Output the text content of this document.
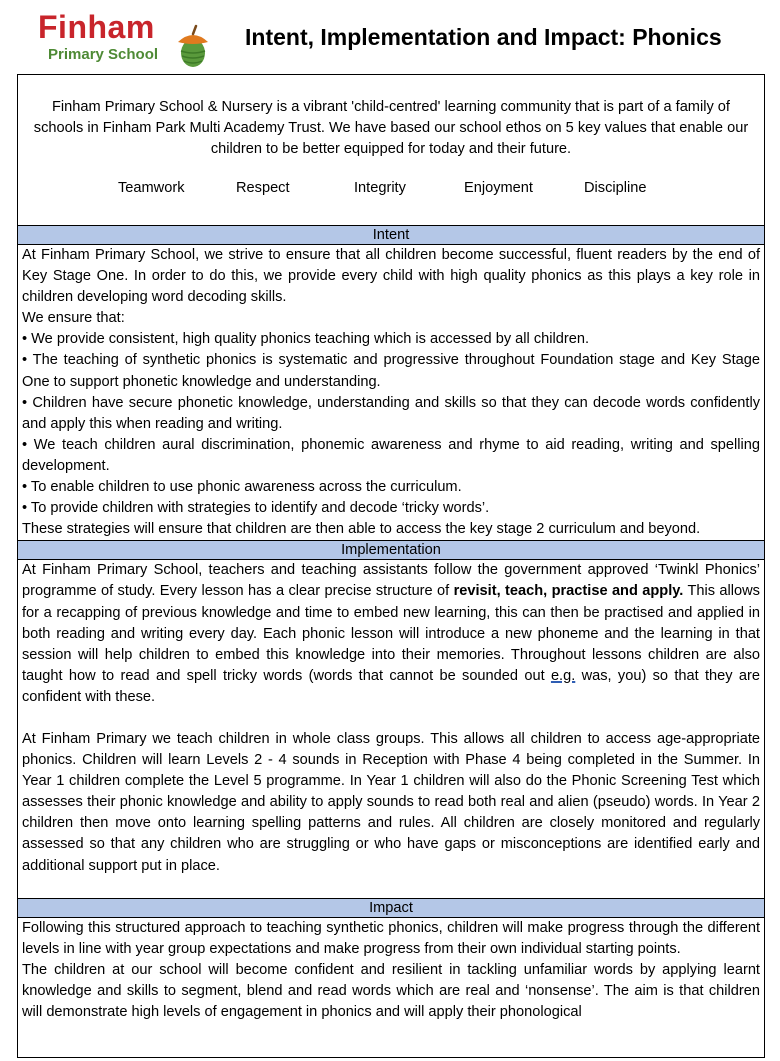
Finham
Primary School
Intent, Implementation and Impact: Phonics
Finham Primary School & Nursery is a vibrant 'child-centred' learning community that is part of a family of schools in Finham Park Multi Academy Trust. We have based our school ethos on 5 key values that enable our children to be better equipped for today and their future.
Teamwork	Respect	Integrity	Enjoyment	Discipline
Intent

At Finham Primary School, we strive to ensure that all children become successful, fluent readers by the end of Key Stage One. In order to do this, we provide every child with high quality phonics as this plays a key role in children developing word decoding skills.

We ensure that:

• We provide consistent, high quality phonics teaching which is accessed by all children.

• The teaching of synthetic phonics is systematic and progressive throughout Foundation stage and Key Stage One to support phonetic knowledge and understanding.

• Children have secure phonetic knowledge, understanding and skills so that they can decode words confidently and apply this when reading and writing.

• We teach children aural discrimination, phonemic awareness and rhyme to aid reading, writing and spelling development.

• To enable children to use phonic awareness across the curriculum.

• To provide children with strategies to identify and decode ‘tricky words’.

These strategies will ensure that children are then able to access the key stage 2 curriculum and beyond.

Implementation

At Finham Primary School, teachers and teaching assistants follow the government approved ‘Twinkl Phonics’ programme of study. Every lesson has a clear precise structure of revisit, teach, practise and apply. This allows for a recapping of previous knowledge and time to embed new learning, this can then be practised and applied in both reading and writing every day. Each phonic lesson will introduce a new phoneme and the learning in that session will help children to embed this knowledge into their memories. Throughout lessons children are also taught how to read and spell tricky words (words that cannot be sounded out e.g. was, you) so that they are confident with these.

At Finham Primary we teach children in whole class groups. This allows all children to access age-appropriate phonics. Children will learn Levels 2 - 4 sounds in Reception with Phase 4 being completed in the Summer. In Year 1 children complete the Level 5 programme. In Year 1 children will also do the Phonic Screening Test which assesses their phonic knowledge and ability to apply sounds to read both real and alien (pseudo) words. In Year 2 children then move onto learning spelling patterns and rules. All children are closely monitored and regularly assessed so that any children who are struggling or who have gaps or misconceptions are identified early and additional support put in place.

Impact

Following this structured approach to teaching synthetic phonics, children will make progress through the different levels in line with year group expectations and make progress from their own individual starting points.

The children at our school will become confident and resilient in tackling unfamiliar words by applying learnt knowledge and skills to segment, blend and read words which are real and ‘nonsense’. The aim is that children will demonstrate high levels of engagement in phonics and will apply their phonological
